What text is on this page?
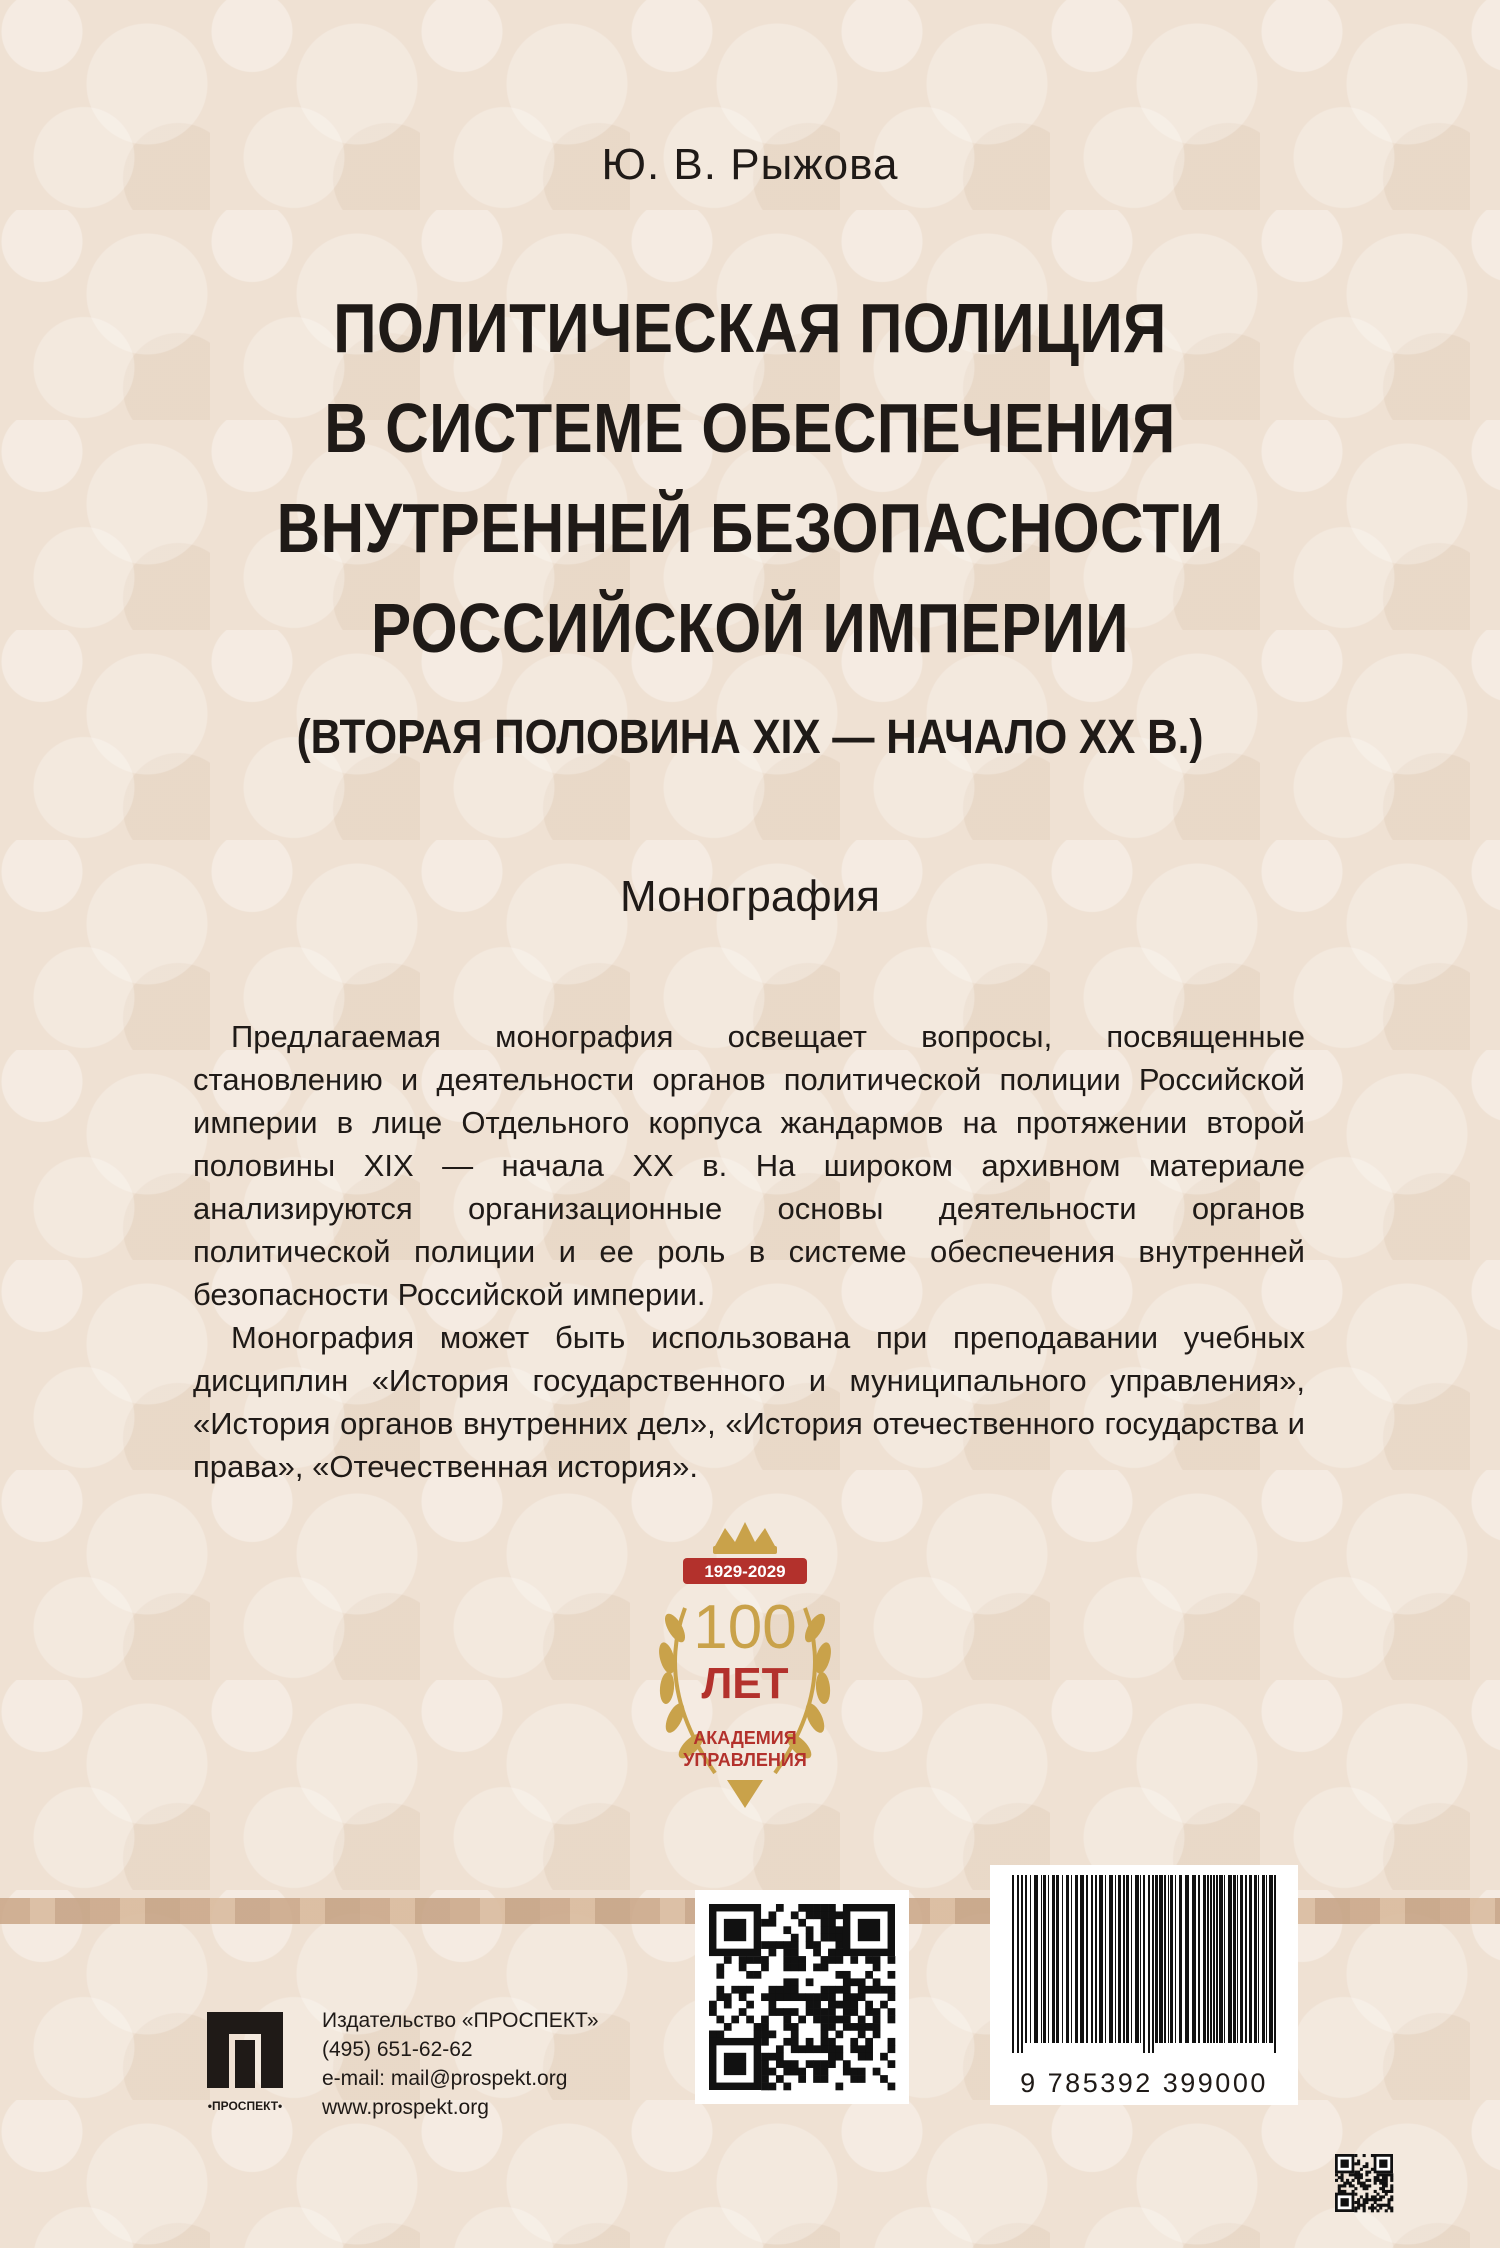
Ю. В. Рыжова
ПОЛИТИЧЕСКАЯ ПОЛИЦИЯ
В СИСТЕМЕ ОБЕСПЕЧЕНИЯ
ВНУТРЕННЕЙ БЕЗОПАСНОСТИ
РОССИЙСКОЙ ИМПЕРИИ
(ВТОРАЯ ПОЛОВИНА XIX — НАЧАЛО XX В.)
Монография

Предлагаемая монография освещает вопросы, посвященные становлению и деятельности органов политической полиции Российской империи в лице Отдельного корпуса жандармов на протяжении второй половины XIX — начала XX в. На широком архивном материале анализируются организационные основы деятельности органов политической полиции и ее роль в системе обеспечения внутренней безопасности Российской империи.

Монография может быть использована при преподавании учебных дисциплин «История государственного и муниципального управления», «История органов внутренних дел», «История отечественного государства и права», «Отечественная история».

1929-2029
100
ЛЕТ
АКАДЕМИЯ
УПРАВЛЕНИЯ
9 785392 399000
•ПРОСПЕКТ•
Издательство «ПРОСПЕКТ»
(495) 651-62-62
e-mail: mail@prospekt.org
www.prospekt.org
